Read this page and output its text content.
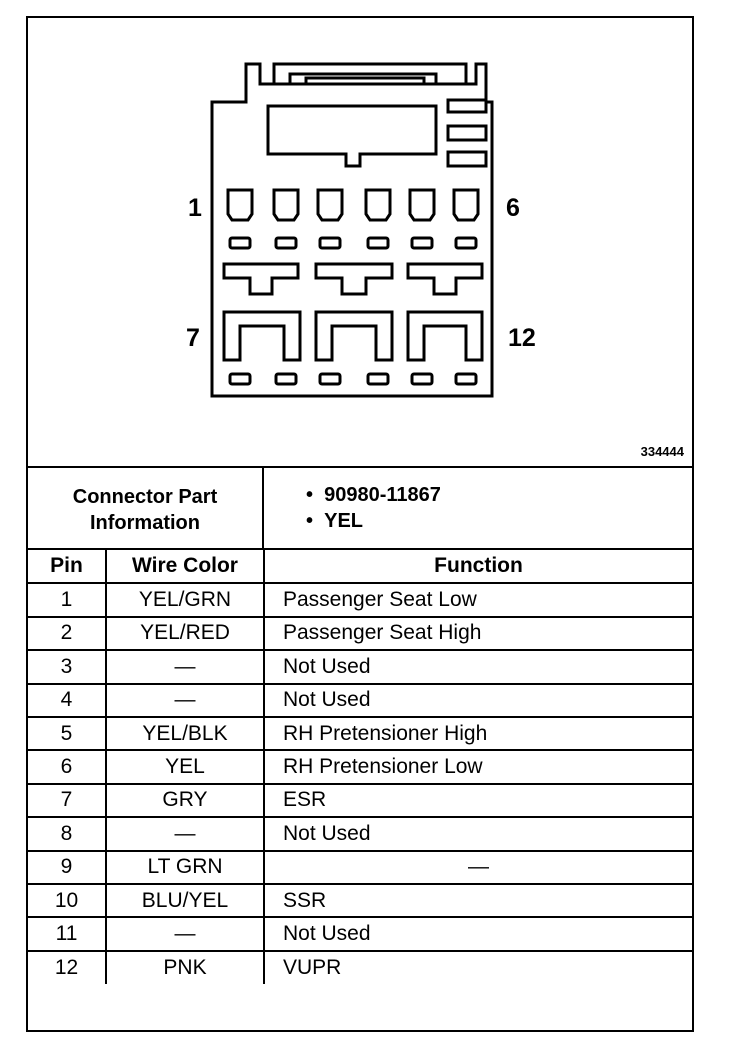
1	6
7	12
334444
Connector Part
Information
•  90980-11867
•  YEL
Pin	Wire Color	Function
1	YEL/GRN	Passenger Seat Low
2	YEL/RED	Passenger Seat High
3	—	Not Used
4	—	Not Used
5	YEL/BLK	RH Pretensioner High
6	YEL	RH Pretensioner Low
7	GRY	ESR
8	—	Not Used
9	LT GRN	—
10	BLU/YEL	SSR
11	—	Not Used
12	PNK	VUPR
